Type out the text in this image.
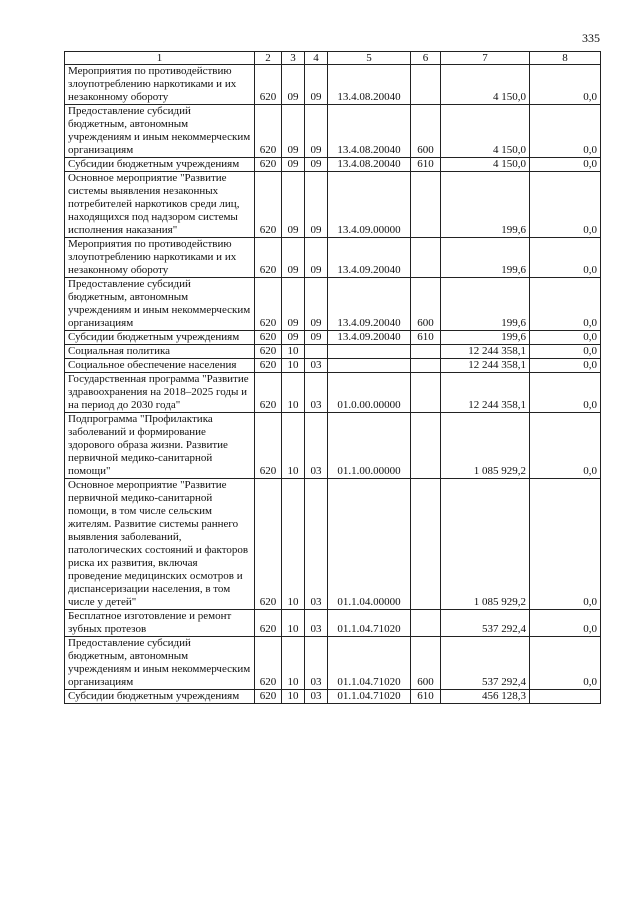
335
1	2	3	4	5	6	7	8
Мероприятия по противодействию злоупотреблению наркотиками и их незаконному обороту	620	09	09	13.4.08.20040		4 150,0	0,0
Предоставление субсидий бюджетным, автономным учреждениям и иным некоммерческим организациям	620	09	09	13.4.08.20040	600	4 150,0	0,0
Субсидии бюджетным учреждениям	620	09	09	13.4.08.20040	610	4 150,0	0,0
Основное мероприятие "Развитие системы выявления незаконных потребителей наркотиков среди лиц, находящихся под надзором системы исполнения наказания"	620	09	09	13.4.09.00000		199,6	0,0
Мероприятия по противодействию злоупотреблению наркотиками и их незаконному обороту	620	09	09	13.4.09.20040		199,6	0,0
Предоставление субсидий бюджетным, автономным учреждениям и иным некоммерческим организациям	620	09	09	13.4.09.20040	600	199,6	0,0
Субсидии бюджетным учреждениям	620	09	09	13.4.09.20040	610	199,6	0,0
Социальная политика	620	10				12 244 358,1	0,0
Социальное обеспечение населения	620	10	03			12 244 358,1	0,0
Государственная программа "Развитие здравоохранения на 2018–2025 годы и на период до 2030 года"	620	10	03	01.0.00.00000		12 244 358,1	0,0
Подпрограмма "Профилактика заболеваний и формирование здорового образа жизни. Развитие первичной медико-санитарной помощи"	620	10	03	01.1.00.00000		1 085 929,2	0,0
Основное мероприятие "Развитие первичной медико-санитарной помощи, в том числе сельским жителям. Развитие системы раннего выявления заболеваний, патологических состояний и факторов риска их развития, включая проведение медицинских осмотров и диспансеризации населения, в том числе у детей"	620	10	03	01.1.04.00000		1 085 929,2	0,0
Бесплатное изготовление и ремонт зубных протезов	620	10	03	01.1.04.71020		537 292,4	0,0
Предоставление субсидий бюджетным, автономным учреждениям и иным некоммерческим организациям	620	10	03	01.1.04.71020	600	537 292,4	0,0
Субсидии бюджетным учреждениям	620	10	03	01.1.04.71020	610	456 128,3	
